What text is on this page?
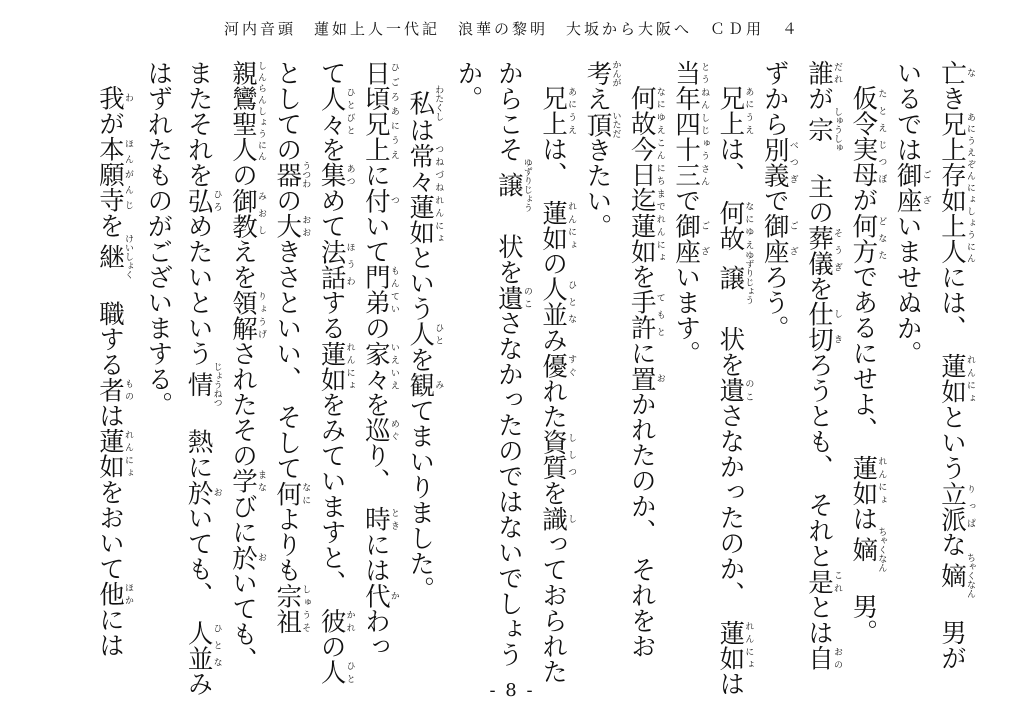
河内音頭　蓮如上人一代記　浪華の黎明　大坂から大阪へ　ＣＤ用　４
亡なき兄上存如上人あにうえぞんにょしょうにんには、　蓮如れんにょという立派りっぱな嫡ちゃくなん　男が
いるでは御座ございませぬか。
仮令実母たとえじつぼが何方どなたであるにせよ、　蓮如れんにょは嫡ちゃくなん　男。
誰だれが宗しゅうしゅ　主の葬儀そうぎを仕切しきろうとも、　それと是これとは自おの
ずから別義べつぎで御座ござろう。
兄上あにうえは、　何故なにゆえ譲ゆずりじょう　状を遺のこさなかったのか、　蓮如れんにょは
当年四十三とうねんしじゅうさんで御座ございます。
何故今日迄なにゆえこんにちまで蓮如れんにょを手許てもとに置おかれたのか、　それをお
考かんがえ頂いただきたい。
兄上あにうえは、　蓮如れんにょの人並ひとなみ優すぐれた資質ししつを識しっておられた
からこそ譲ゆずりじょう　状を遺のこさなかったのではないでしょう
か。
私わたくしは常々蓮如つねづねれんにょという人ひとを観みてまいりました。
日頃兄上ひごろあにうえに付ついて門弟もんていの家々いえいえを巡めぐり、　時ときには代かわっ
て人々ひとびとを集あつめて法話ほうわする蓮如れんにょをみていますと、　彼かれの人ひと
としての器うつわの大おおきさといい、　そして何なによりも宗祖しゅうそ
親鸞聖人しんらんしょうにんの御教みおしえを領解りょうげされたその学まなびに於おいても、
またそれを弘ひろめたいという情じょうねつ　熱に於おいても、　人並ひとなみ
はずれたものがございまする。
我わが本願寺ほんがんじを継けいしょく　職する者ものは蓮如れんにょをおいて他ほかには
- 8 -
